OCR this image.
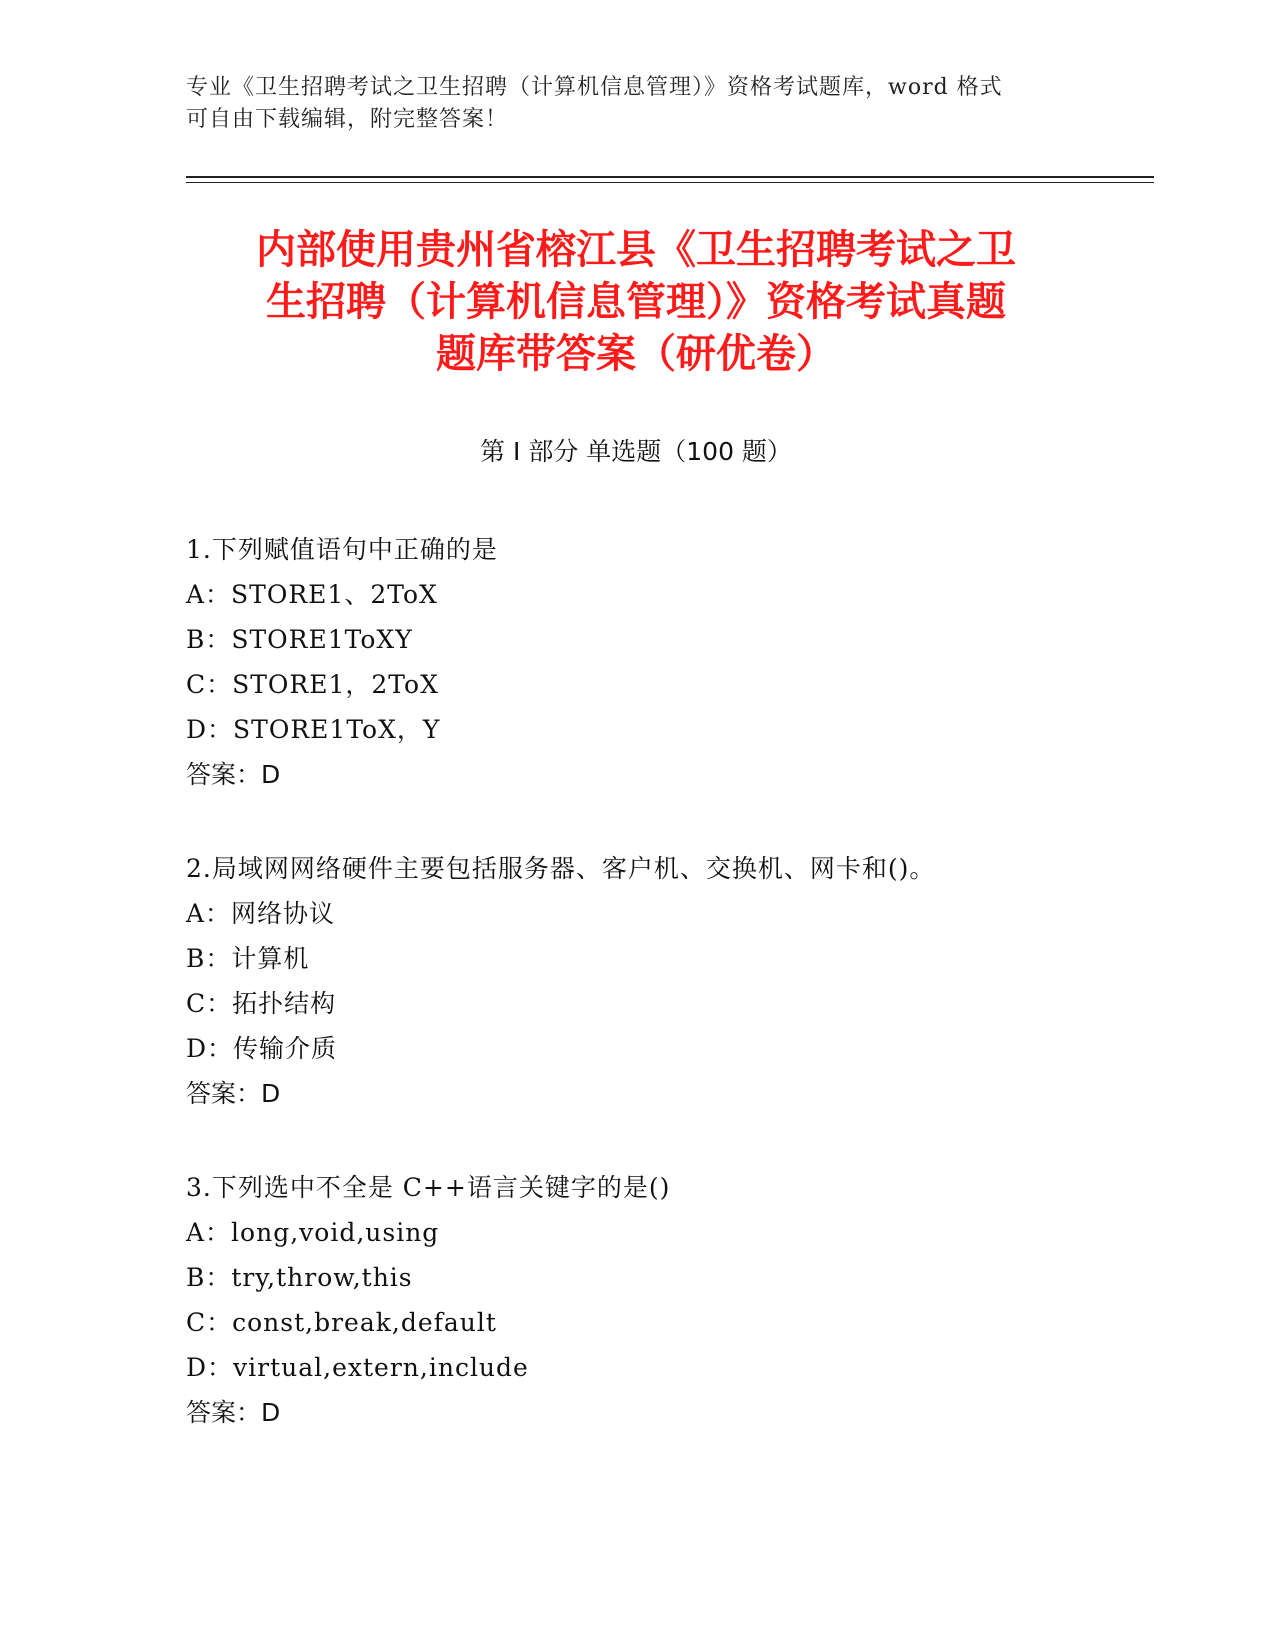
专业《卫生招聘考试之卫生招聘（计算机信息管理）》资格考试题库，word 格式
可自由下载编辑，附完整答案！
内部使用贵州省榕江县《卫生招聘考试之卫
生招聘（计算机信息管理）》资格考试真题
题库带答案（研优卷）
第 I 部分 单选题（100 题）
1.下列赋值语句中正确的是
A：STORE1、2ToX
B：STORE1ToXY
C：STORE1，2ToX
D：STORE1ToX，Y
答案：D
2.局域网网络硬件主要包括服务器、客户机、交换机、网卡和()。
A：网络协议
B：计算机
C：拓扑结构
D：传输介质
答案：D
3.下列选中不全是 C++语言关键字的是()
A：long,void,using
B：try,throw,this
C：const,break,default
D：virtual,extern,include
答案：D
